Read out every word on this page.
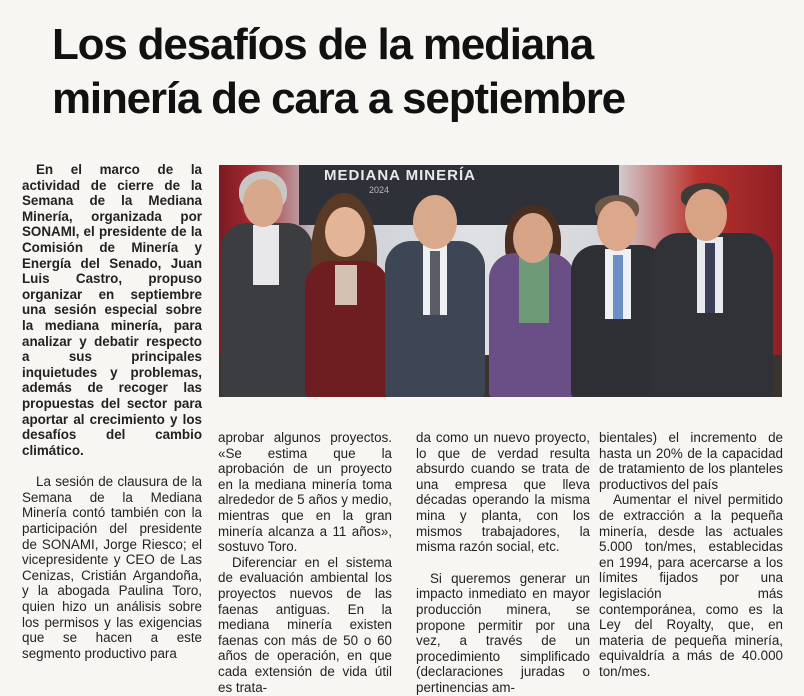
Los desafíos de la mediana
minería de cara a septiembre

En el marco de la actividad de cierre de la Semana de la Mediana Minería, organizada por SONAMI, el presidente de la Comisión de Minería y Energía del Senado, Juan Luis Castro, propuso organizar en septiembre una sesión especial sobre la mediana minería, para analizar y debatir respecto a sus principales inquietudes y problemas, además de recoger las propuestas del sector para aportar al crecimiento y los desafíos del cambio climático.

La sesión de clausura de la Semana de la Mediana Minería contó también con la participación del presidente de SONAMI, Jorge Riesco; el vicepresidente y CEO de Las Cenizas, Cristián Argandoña, y la abogada Paulina Toro, quien hizo un análisis sobre los permisos y las exigencias que se hacen a este segmento productivo para

MEDIANA MINERÍA
2024

aprobar algunos proyectos. «Se estima que la aprobación de un proyecto en la mediana minería toma alrededor de 5 años y medio, mientras que en la gran minería alcanza a 11 años», sostuvo Toro.

Diferenciar en el sistema de evaluación ambiental los proyectos nuevos de las faenas antiguas. En la mediana minería existen faenas con más de 50 o 60 años de operación, en que cada extensión de vida útil es trata-

da como un nuevo proyecto, lo que de verdad resulta absurdo cuando se trata de una empresa que lleva décadas operando la misma mina y planta, con los mismos trabajadores, la misma razón social, etc.

Si queremos generar un impacto inmediato en mayor producción minera, se propone permitir por una vez, a través de un procedimiento simplificado (declaraciones juradas o pertinencias am-

bientales) el incremento de hasta un 20% de la capacidad de tratamiento de los planteles productivos del país

Aumentar el nivel permitido de extracción a la pequeña minería, desde las actuales 5.000 ton/mes, establecidas en 1994, para acercarse a los límites fijados por una legislación más contemporánea, como es la Ley del Royalty, que, en materia de pequeña minería, equivaldría a más de 40.000 ton/mes.
